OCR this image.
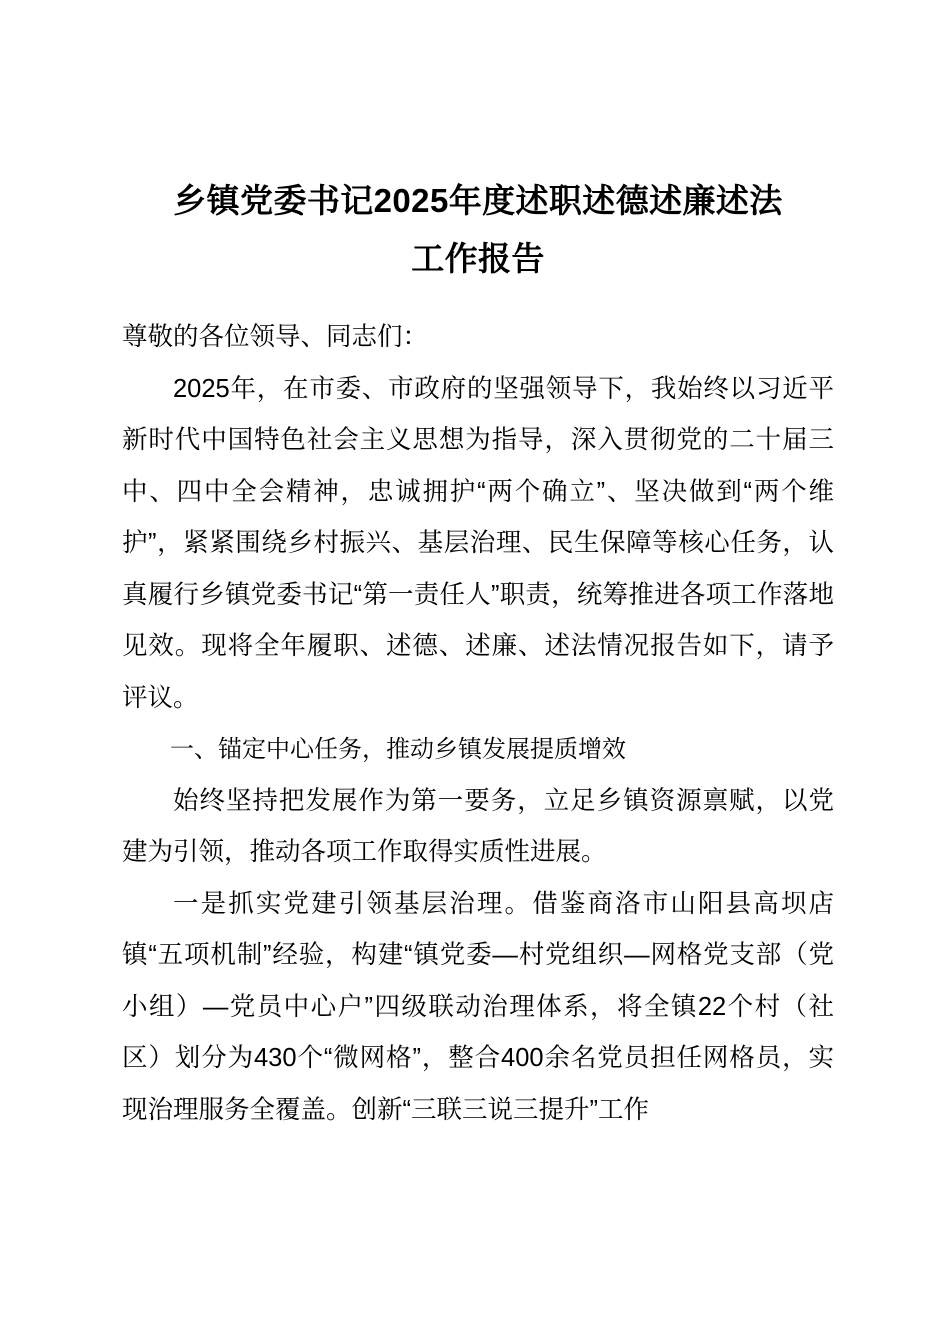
乡镇党委书记2025年度述职述德述廉述法
工作报告

尊敬的各位领导、同志们：

2025年，在市委、市政府的坚强领导下，我始终以习近平新时代中国特色社会主义思想为指导，深入贯彻党的二十届三中、四中全会精神，忠诚拥护“两个确立”、坚决做到“两个维护”，紧紧围绕乡村振兴、基层治理、民生保障等核心任务，认真履行乡镇党委书记“第一责任人”职责，统筹推进各项工作落地见效。现将全年履职、述德、述廉、述法情况报告如下，请予评议。

一、锚定中心任务，推动乡镇发展提质增效

始终坚持把发展作为第一要务，立足乡镇资源禀赋，以党建为引领，推动各项工作取得实质性进展。

一是抓实党建引领基层治理。借鉴商洛市山阳县高坝店镇“五项机制”经验，构建“镇党委—村党组织—网格党支部（党小组）—党员中心户”四级联动治理体系，将全镇22个村（社区）划分为430个“微网格”，整合400余名党员担任网格员，实现治理服务全覆盖。创新“三联三说三提升”工作
